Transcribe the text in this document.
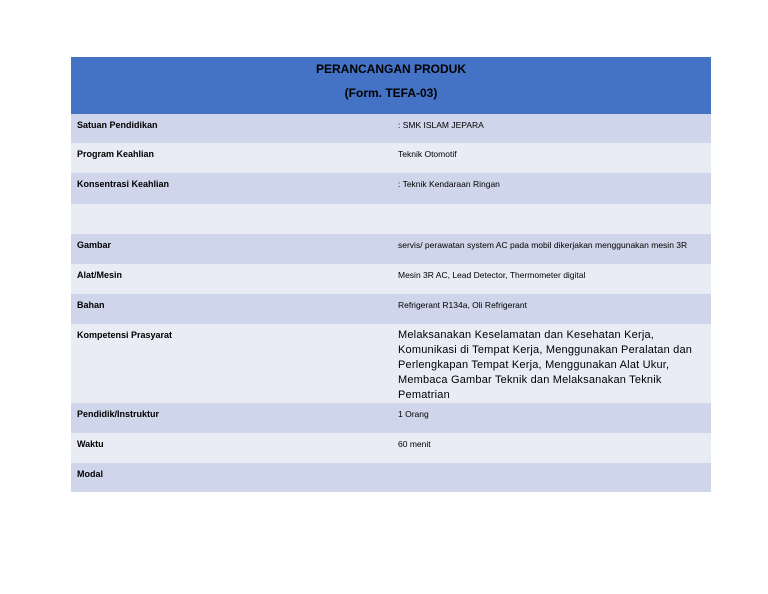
PERANCANGAN PRODUK
(Form. TEFA-03)	

Satuan Pendidikan	: SMK ISLAM JEPARA
Program Keahlian	Teknik Otomotif
Konsentrasi Keahlian	: Teknik Kendaraan Ringan

Gambar	servis/ perawatan system AC pada mobil dikerjakan menggunakan mesin 3R
Alat/Mesin	Mesin 3R AC, Lead Detector, Thermometer digital
Bahan	Refrigerant R134a, Oli Refrigerant
Kompetensi Prasyarat	Melaksanakan Keselamatan dan Kesehatan Kerja, Komunikasi di Tempat Kerja, Menggunakan Peralatan dan Perlengkapan Tempat Kerja, Menggunakan Alat Ukur, Membaca Gambar Teknik dan Melaksanakan Teknik Pematrian
Pendidik/Instruktur	1 Orang
Waktu	60 menit
Modal	
